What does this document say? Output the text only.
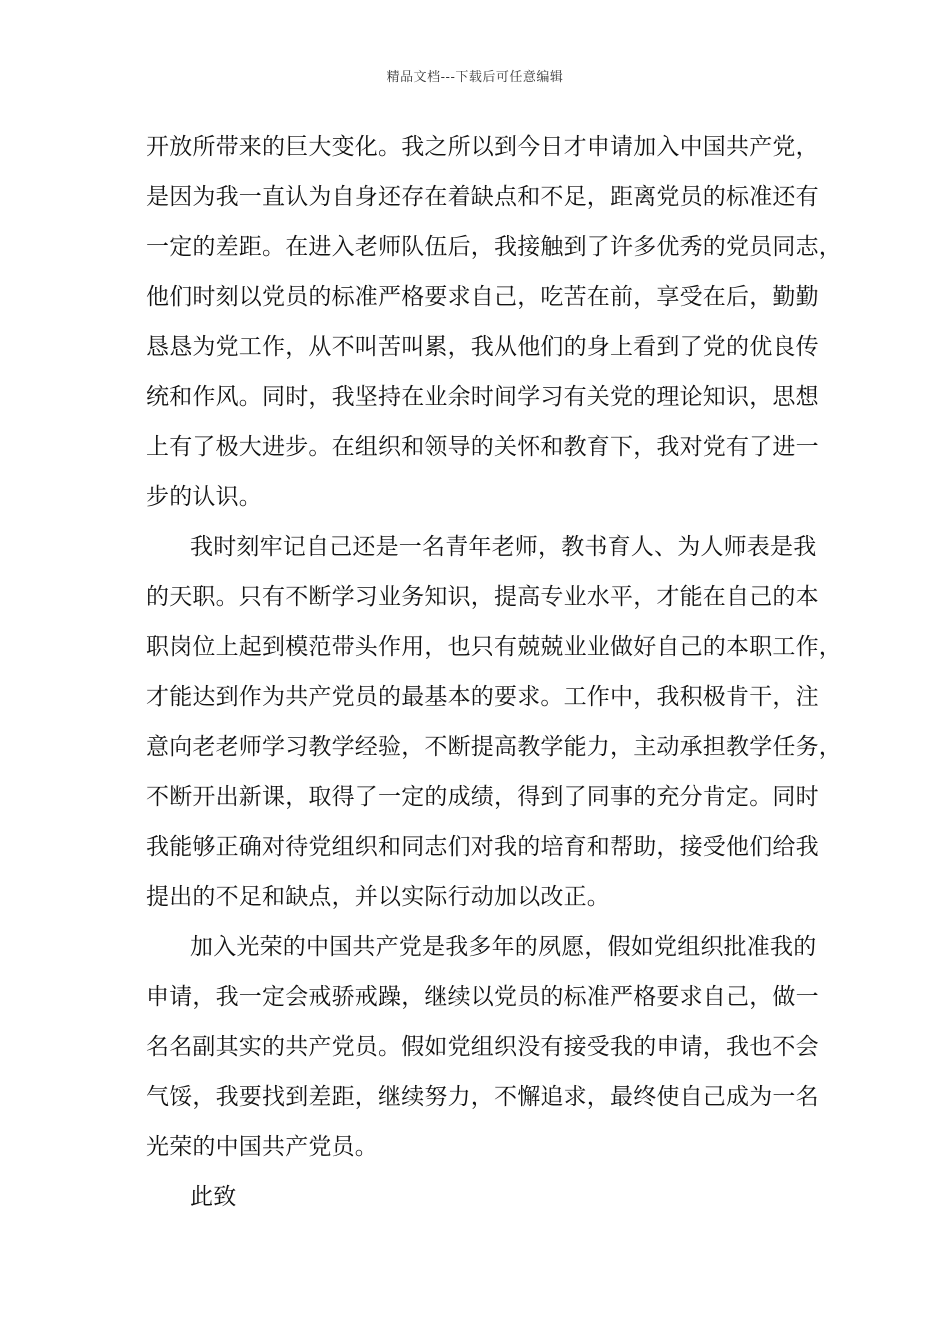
精品文档---下载后可任意编辑
开放所带来的巨大变化。我之所以到今日才申请加入中国共产党，
是因为我一直认为自身还存在着缺点和不足，距离党员的标准还有
一定的差距。在进入老师队伍后，我接触到了许多优秀的党员同志，
他们时刻以党员的标准严格要求自己，吃苦在前，享受在后，勤勤
恳恳为党工作，从不叫苦叫累，我从他们的身上看到了党的优良传
统和作风。同时，我坚持在业余时间学习有关党的理论知识，思想
上有了极大进步。在组织和领导的关怀和教育下，我对党有了进一
步的认识。
我时刻牢记自己还是一名青年老师，教书育人、为人师表是我
的天职。只有不断学习业务知识，提高专业水平，才能在自己的本
职岗位上起到模范带头作用，也只有兢兢业业做好自己的本职工作，
才能达到作为共产党员的最基本的要求。工作中，我积极肯干，注
意向老老师学习教学经验，不断提高教学能力，主动承担教学任务，
不断开出新课，取得了一定的成绩，得到了同事的充分肯定。同时
我能够正确对待党组织和同志们对我的培育和帮助，接受他们给我
提出的不足和缺点，并以实际行动加以改正。
加入光荣的中国共产党是我多年的夙愿，假如党组织批准我的
申请，我一定会戒骄戒躁，继续以党员的标准严格要求自己，做一
名名副其实的共产党员。假如党组织没有接受我的申请，我也不会
气馁，我要找到差距，继续努力，不懈追求，最终使自己成为一名
光荣的中国共产党员。
此致
